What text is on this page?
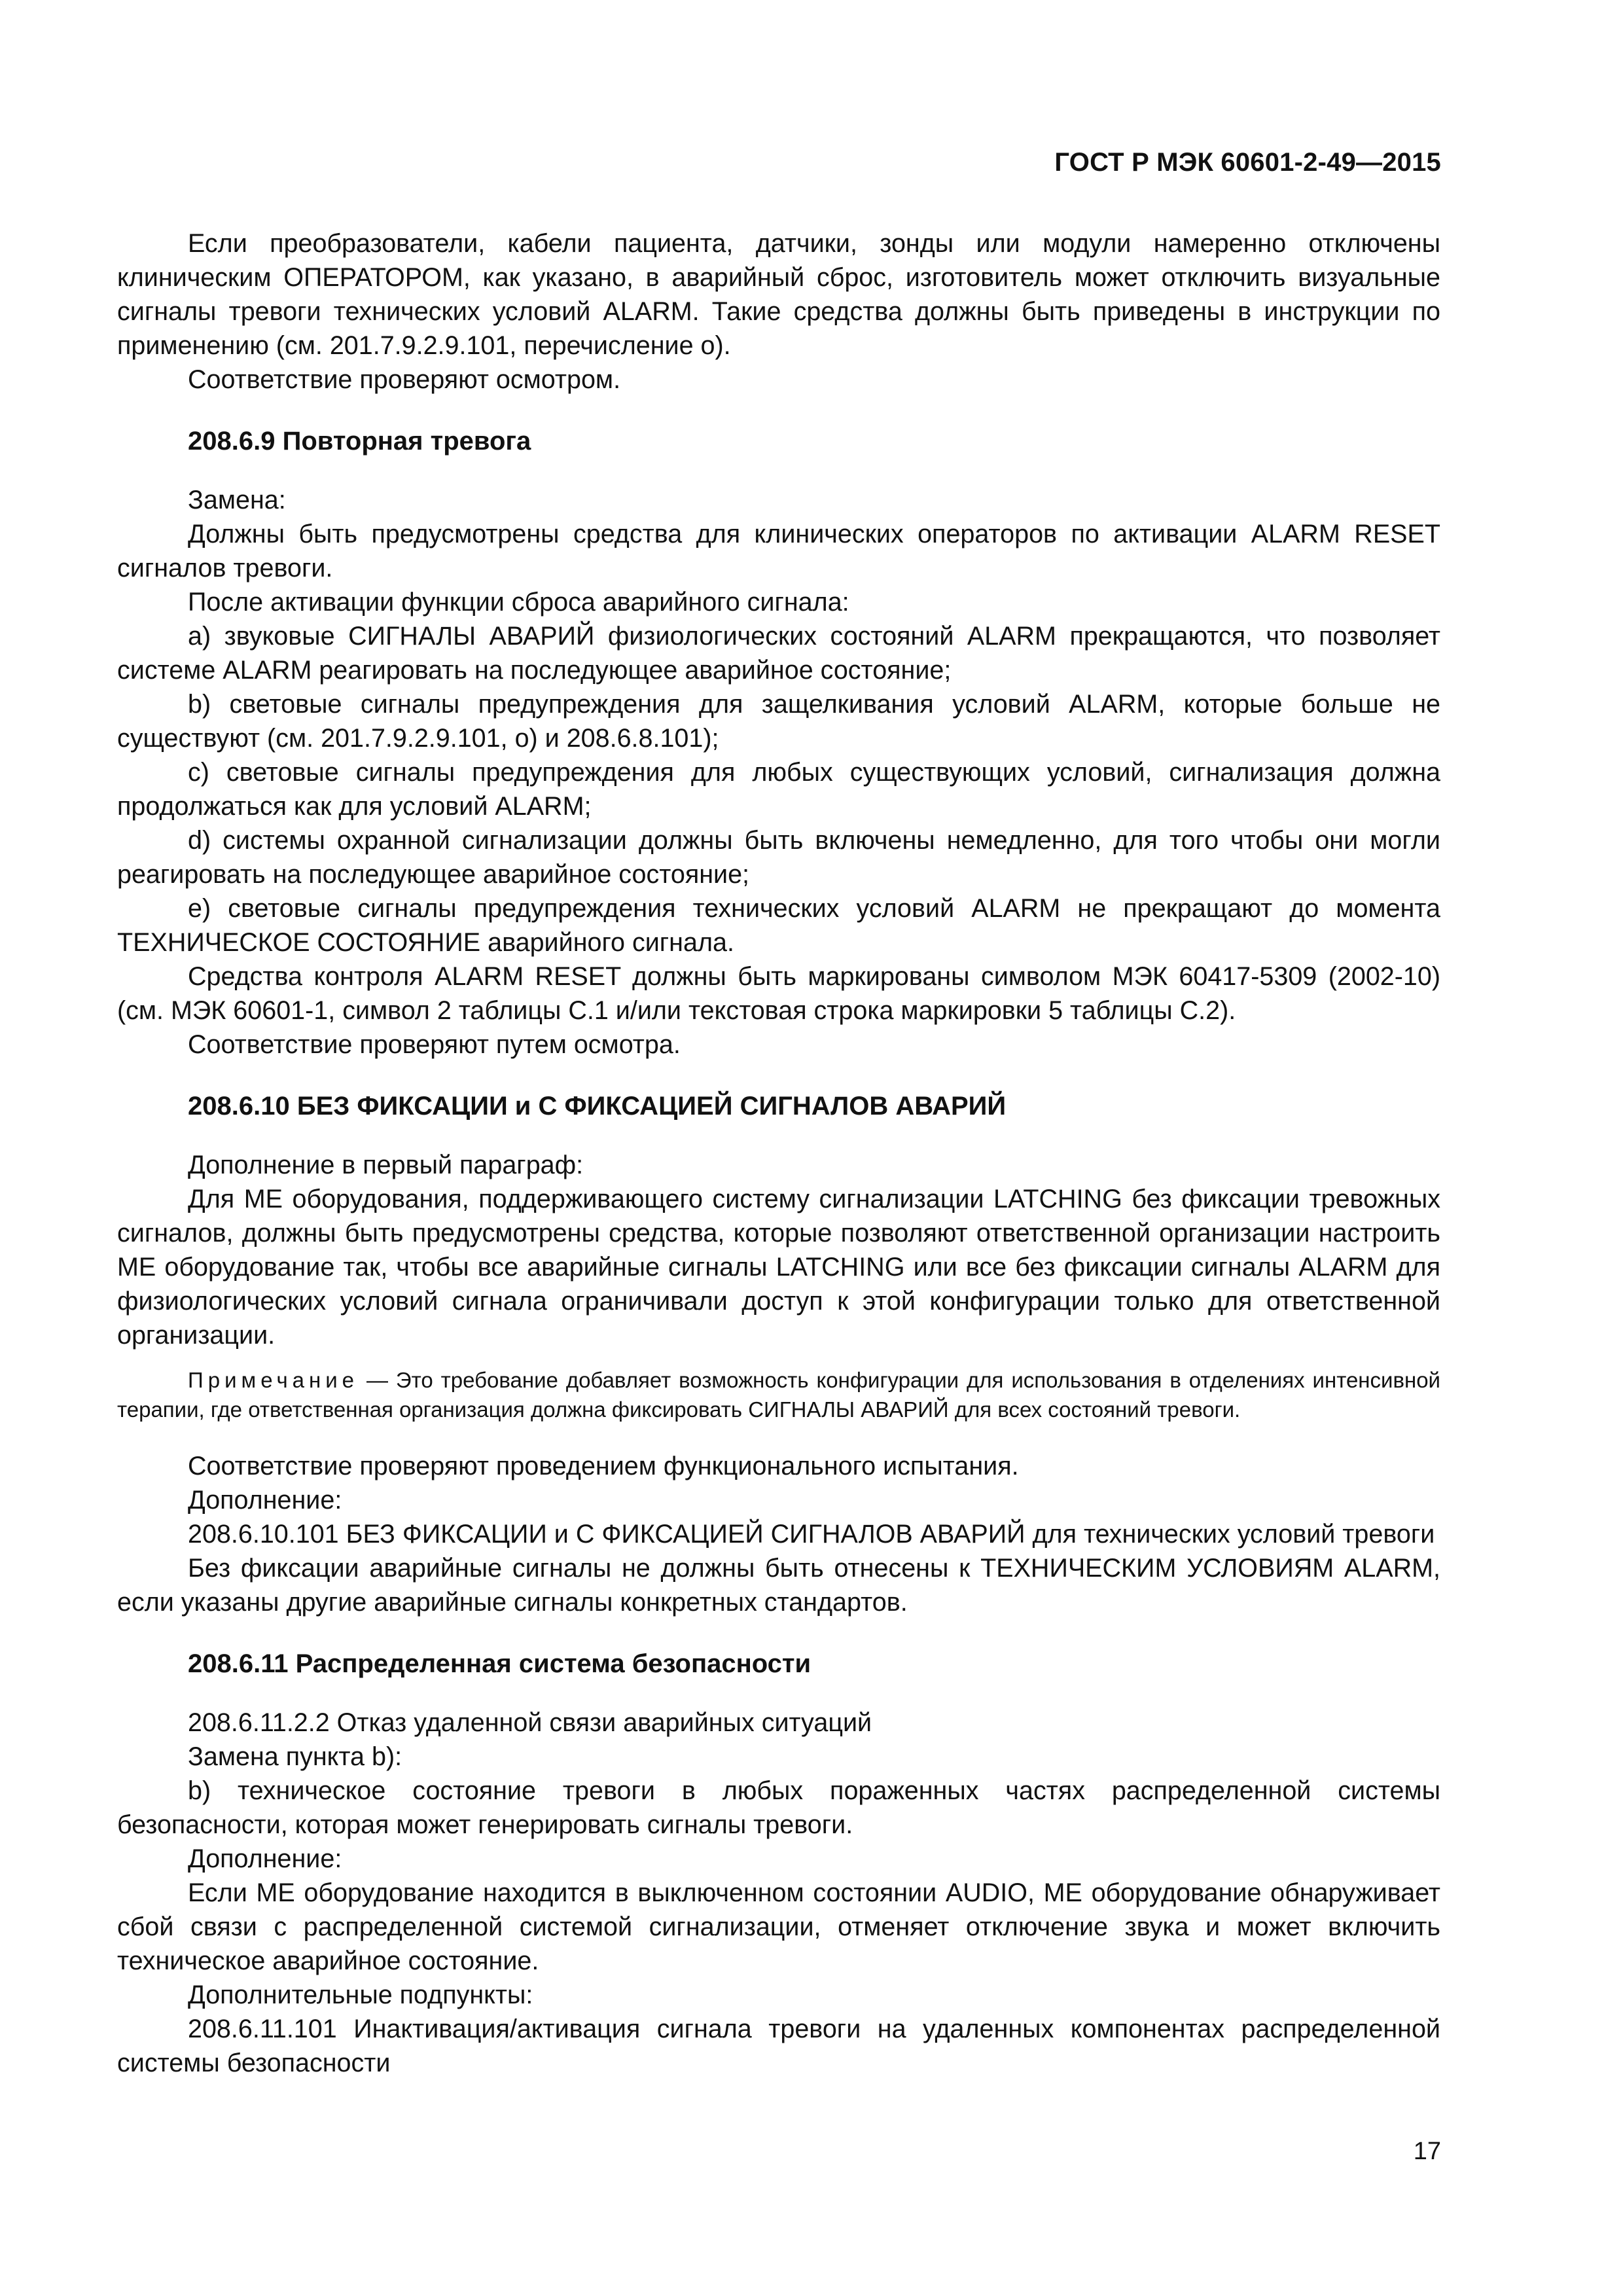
ГОСТ Р МЭК 60601-2-49—2015

Если преобразователи, кабели пациента, датчики, зонды или модули намеренно отключены клиническим ОПЕРАТОРОМ, как указано, в аварийный сброс, изготовитель может отключить визуальные сигналы тревоги технических условий ALARM. Такие средства должны быть приведены в инструкции по применению (см. 201.7.9.2.9.101, перечисление о).

Соответствие проверяют осмотром.

208.6.9 Повторная тревога

Замена:

Должны быть предусмотрены средства для клинических операторов по активации ALARM RESET сигналов тревоги.

После активации функции сброса аварийного сигнала:

а) звуковые СИГНАЛЫ АВАРИЙ физиологических состояний ALARM прекращаются, что позволяет системе ALARM реагировать на последующее аварийное состояние;

b) световые сигналы предупреждения для защелкивания условий ALARM, которые больше не существуют (см. 201.7.9.2.9.101, о) и 208.6.8.101);

с) световые сигналы предупреждения для любых существующих условий, сигнализация должна продолжаться как для условий ALARM;

d) системы охранной сигнализации должны быть включены немедленно, для того чтобы они могли реагировать на последующее аварийное состояние;

е) световые сигналы предупреждения технических условий ALARM не прекращают до момента ТЕХНИЧЕСКОЕ СОСТОЯНИЕ аварийного сигнала.

Средства контроля ALARM RESET должны быть маркированы символом МЭК 60417-5309 (2002-10) (см. МЭК 60601-1, символ 2 таблицы С.1 и/или текстовая строка маркировки 5 таблицы С.2).

Соответствие проверяют путем осмотра.

208.6.10 БЕЗ ФИКСАЦИИ и С ФИКСАЦИЕЙ СИГНАЛОВ АВАРИЙ

Дополнение в первый параграф:

Для МЕ оборудования, поддерживающего систему сигнализации LATCHING без фиксации тревожных сигналов, должны быть предусмотрены средства, которые позволяют ответственной организации настроить МЕ оборудование так, чтобы все аварийные сигналы LATCHING или все без фиксации сигналы ALARM для физиологических условий сигнала ограничивали доступ к этой конфигурации только для ответственной организации.

Примечание — Это требование добавляет возможность конфигурации для использования в отделениях интенсивной терапии, где ответственная организация должна фиксировать СИГНАЛЫ АВАРИЙ для всех состояний тревоги.

Соответствие проверяют проведением функционального испытания.

Дополнение:

208.6.10.101 БЕЗ ФИКСАЦИИ и С ФИКСАЦИЕЙ СИГНАЛОВ АВАРИЙ для технических условий тревоги

Без фиксации аварийные сигналы не должны быть отнесены к ТЕХНИЧЕСКИМ УСЛОВИЯМ ALARM, если указаны другие аварийные сигналы конкретных стандартов.

208.6.11 Распределенная система безопасности

208.6.11.2.2 Отказ удаленной связи аварийных ситуаций

Замена пункта b):

b) техническое состояние тревоги в любых пораженных частях распределенной системы безопасности, которая может генерировать сигналы тревоги.

Дополнение:

Если МЕ оборудование находится в выключенном состоянии AUDIO, МЕ оборудование обнаруживает сбой связи с распределенной системой сигнализации, отменяет отключение звука и может включить техническое аварийное состояние.

Дополнительные подпункты:

208.6.11.101 Инактивация/активация сигнала тревоги на удаленных компонентах распределенной системы безопасности

17
